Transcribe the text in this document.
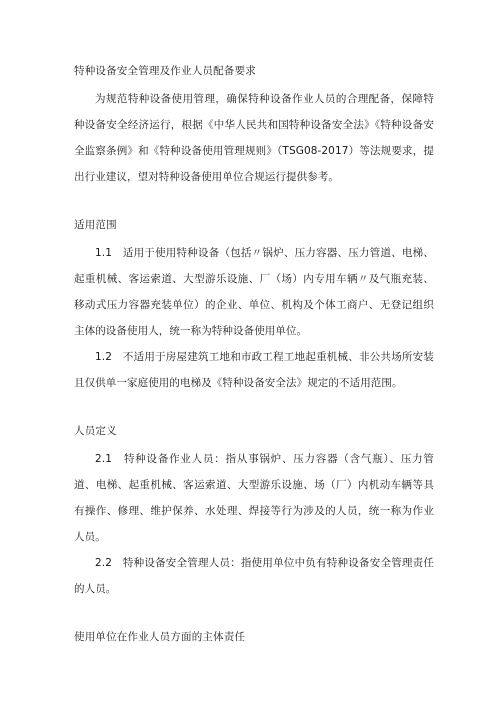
特种设备安全管理及作业人员配备要求

为规范特种设备使用管理，确保特种设备作业人员的合理配备，保障特种设备安全经济运行，根据《中华人民共和国特种设备安全法》《特种设备安全监察条例》和《特种设备使用管理规则》（TSG08-2017）等法规要求，提出行业建议，望对特种设备使用单位合规运行提供参考。

适用范围

1.1　适用于使用特种设备（包括〃锅炉、压力容器、压力管道、电梯、起重机械、客运索道、大型游乐设施、厂（场）内专用车辆〃及气瓶充装、移动式压力容器充装单位）的企业、单位、机构及个体工商户、无登记组织主体的设备使用人，统一称为特种设备使用单位。

1.2　不适用于房屋建筑工地和市政工程工地起重机械、非公共场所安装且仅供单一家庭使用的电梯及《特种设备安全法》规定的不适用范围。

人员定义

2.1　特种设备作业人员：指从事锅炉、压力容器（含气瓶）、压力管道、电梯、起重机械、客运索道、大型游乐设施、场（厂）内机动车辆等具有操作、修理、维护保养、水处理、焊接等行为涉及的人员，统一称为作业人员。

2.2　特种设备安全管理人员：指使用单位中负有特种设备安全管理责任的人员。

使用单位在作业人员方面的主体责任
